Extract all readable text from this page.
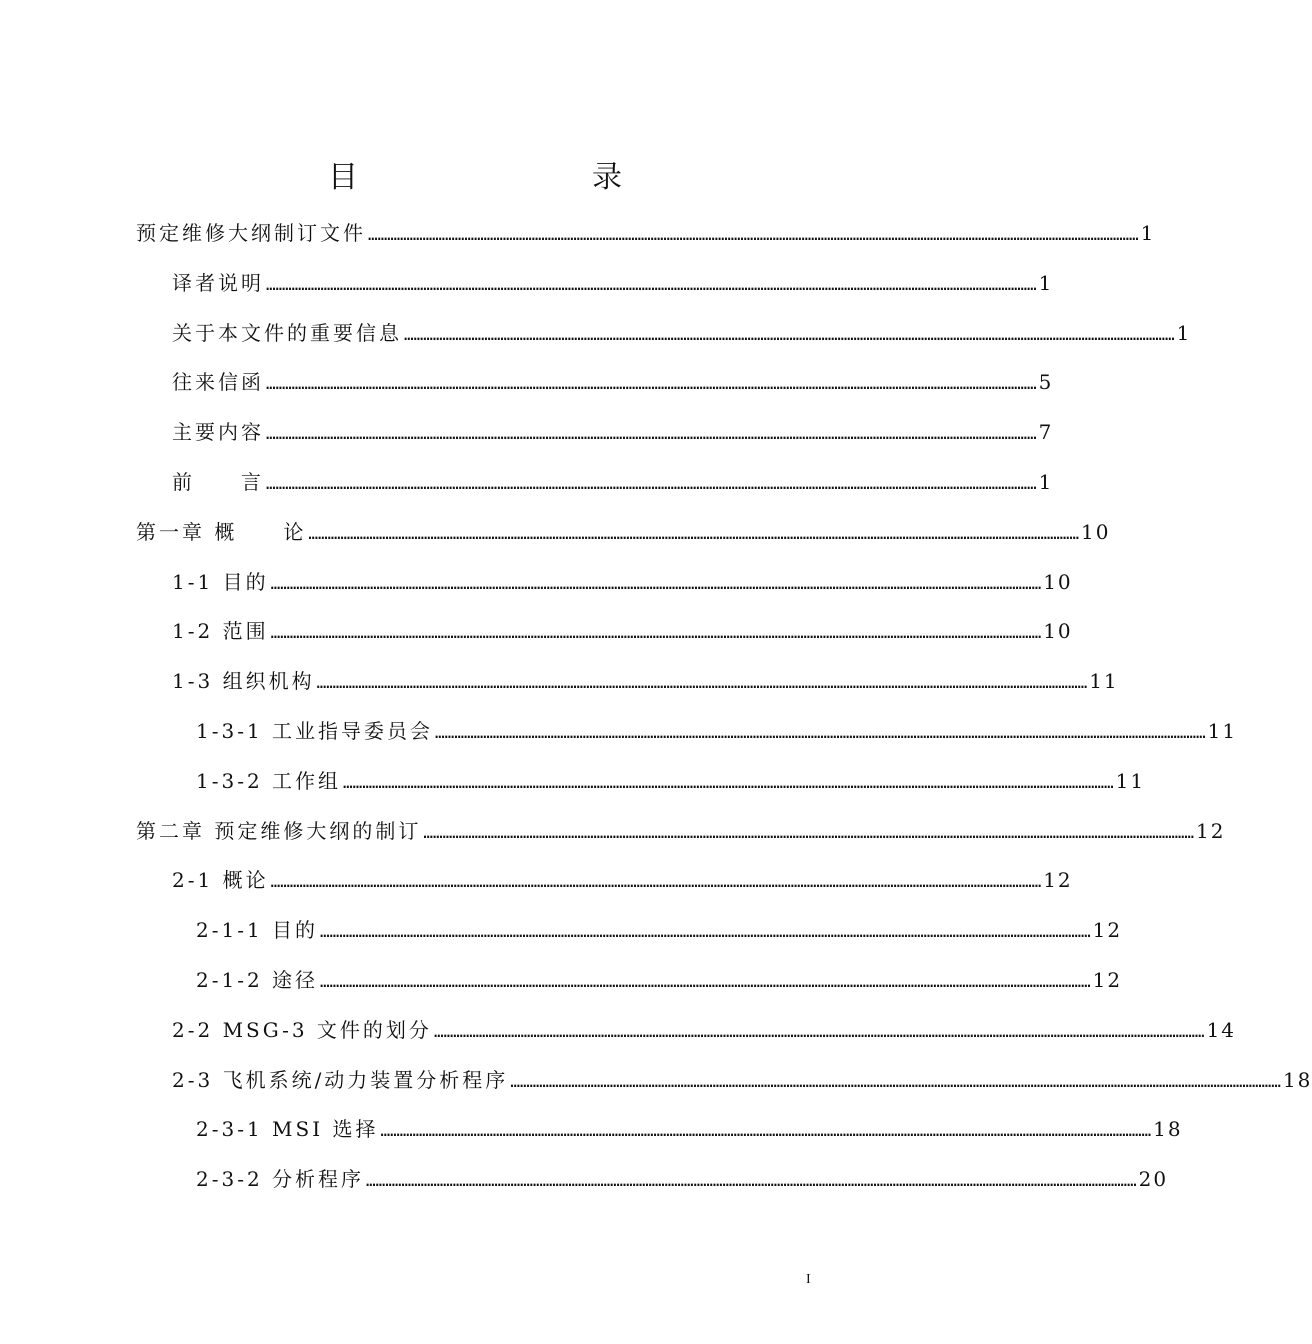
目　　录
预定维修大纲制订文件 …………………………………………………………………………………………………………………………………………………………………………………………………………………… 1
译者说明 …………………………………………………………………………………………………………………………………………………………………………………………………………………… 1
关于本文件的重要信息 …………………………………………………………………………………………………………………………………………………………………………………………………………………… 1
往来信函 …………………………………………………………………………………………………………………………………………………………………………………………………………………… 5
主要内容 …………………………………………………………………………………………………………………………………………………………………………………………………………………… 7
前　　言 …………………………………………………………………………………………………………………………………………………………………………………………………………………… 1
第一章 概　　论 …………………………………………………………………………………………………………………………………………………………………………………………………………………… 10
1-1 目的 …………………………………………………………………………………………………………………………………………………………………………………………………………………… 10
1-2 范围 …………………………………………………………………………………………………………………………………………………………………………………………………………………… 10
1-3 组织机构 …………………………………………………………………………………………………………………………………………………………………………………………………………………… 11
1-3-1 工业指导委员会 …………………………………………………………………………………………………………………………………………………………………………………………………………………… 11
1-3-2 工作组 …………………………………………………………………………………………………………………………………………………………………………………………………………………… 11
第二章 预定维修大纲的制订 …………………………………………………………………………………………………………………………………………………………………………………………………………………… 12
2-1 概论 …………………………………………………………………………………………………………………………………………………………………………………………………………………… 12
2-1-1 目的 …………………………………………………………………………………………………………………………………………………………………………………………………………………… 12
2-1-2 途径 …………………………………………………………………………………………………………………………………………………………………………………………………………………… 12
2-2 MSG-3 文件的划分 …………………………………………………………………………………………………………………………………………………………………………………………………………………… 14
2-3 飞机系统/动力装置分析程序 …………………………………………………………………………………………………………………………………………………………………………………………………………………… 18
2-3-1 MSI 选择 …………………………………………………………………………………………………………………………………………………………………………………………………………………… 18
2-3-2 分析程序 …………………………………………………………………………………………………………………………………………………………………………………………………………………… 20
I
